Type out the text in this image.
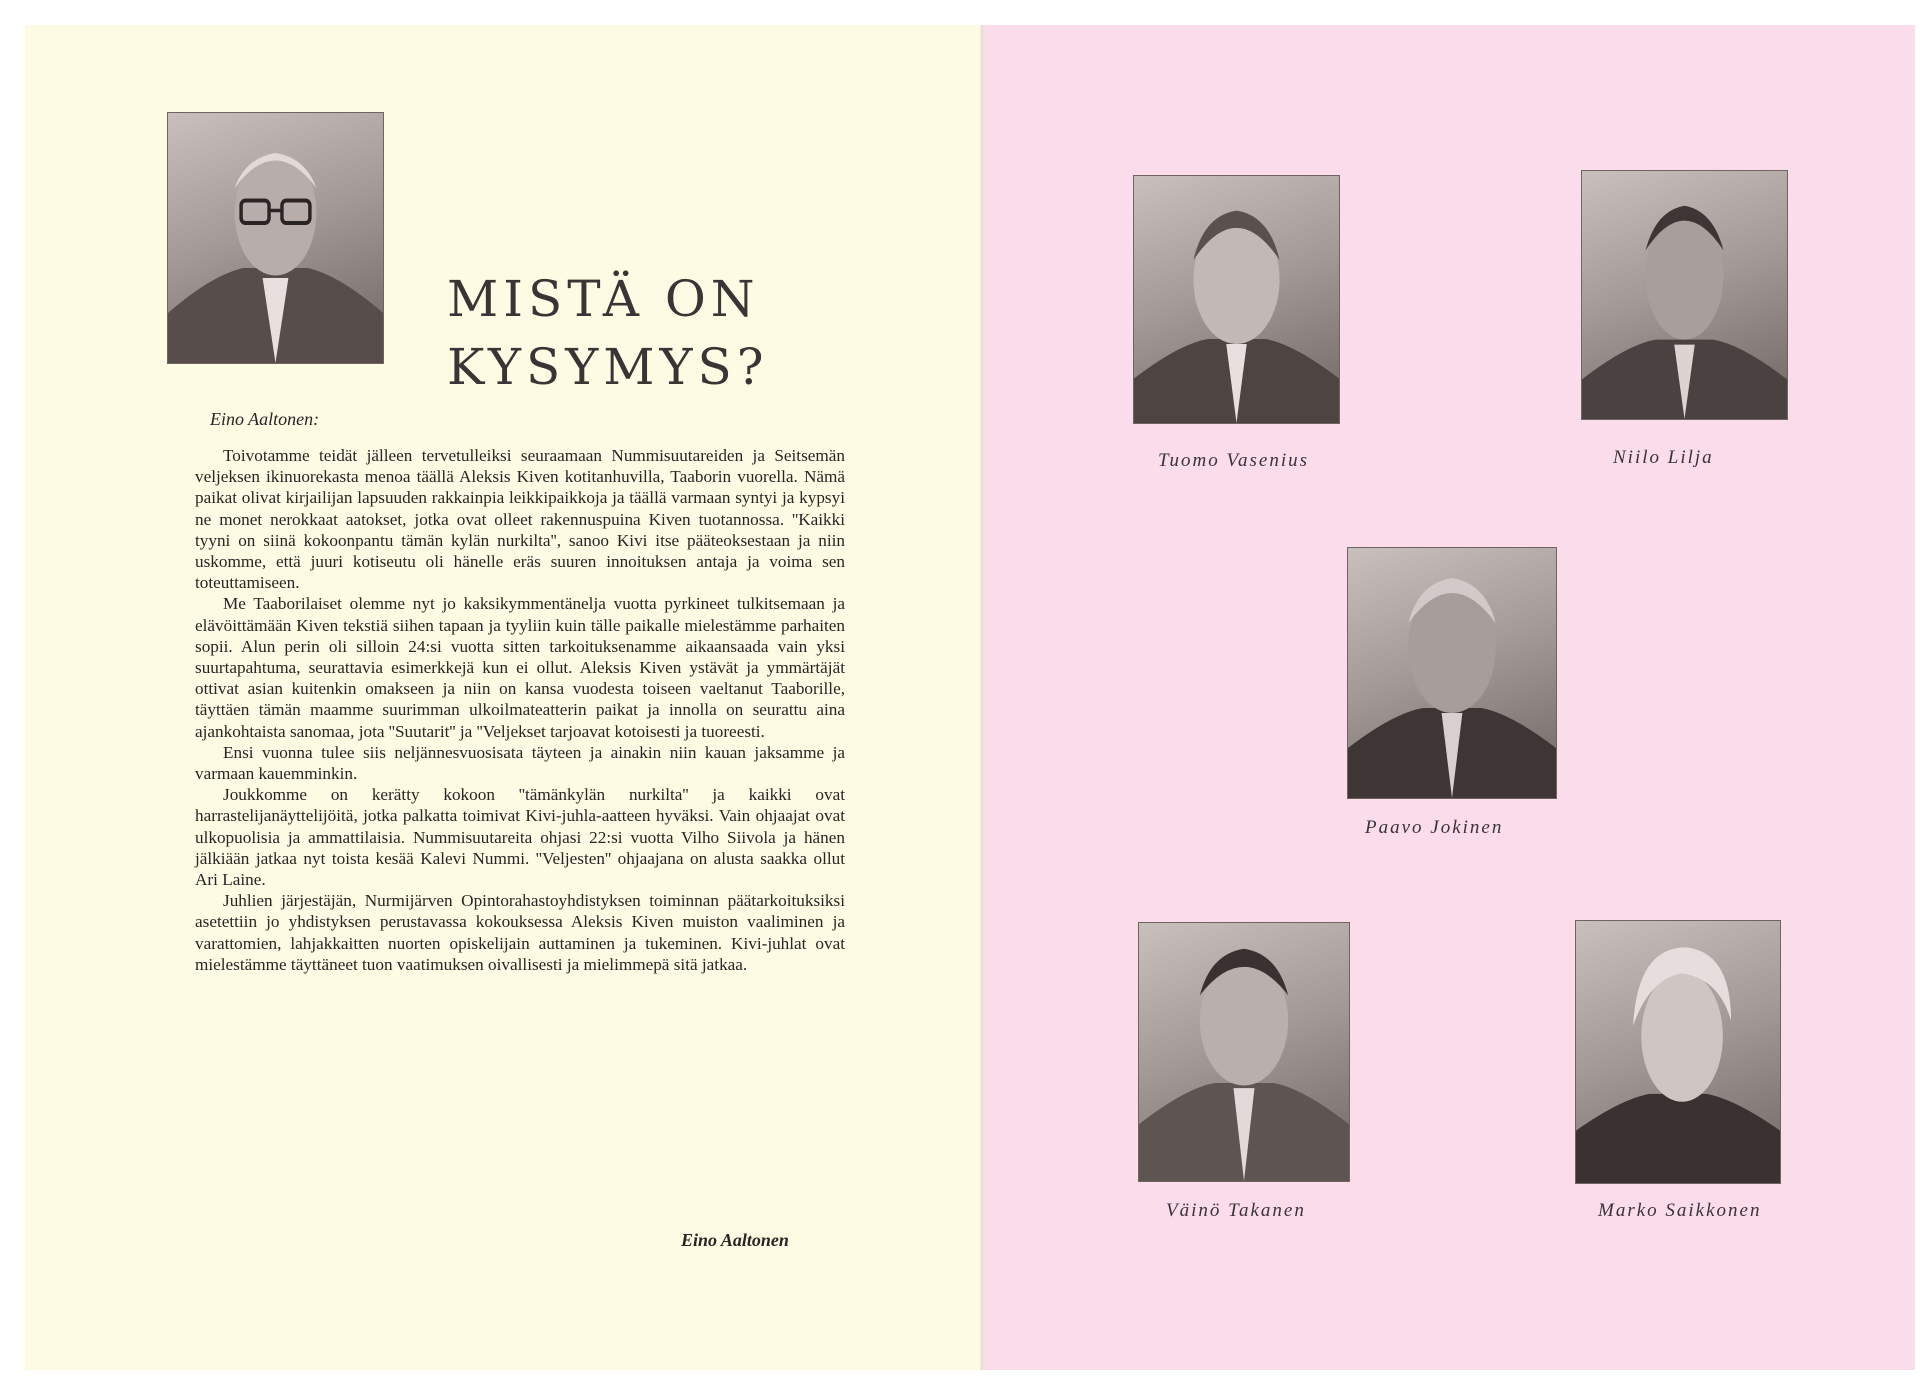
MISTÄ ON
KYSYMYS?
Eino Aaltonen:

Toivotamme teidät jälleen tervetulleiksi seuraamaan Nummisuutareiden ja Seitsemän veljeksen ikinuorekasta menoa täällä Aleksis Kiven kotitanhuvilla, Taaborin vuorella. Nämä paikat olivat kirjailijan lapsuuden rakkainpia leikkipaikkoja ja täällä varmaan syntyi ja kypsyi ne monet nerokkaat aatokset, jotka ovat olleet rakennuspuina Kiven tuotannossa. ''Kaikki tyyni on siinä kokoonpantu tämän kylän nurkilta'', sanoo Kivi itse pääteoksestaan ja niin uskomme, että juuri kotiseutu oli hänelle eräs suuren innoituksen antaja ja voima sen toteuttamiseen.

Me Taaborilaiset olemme nyt jo kaksikymmentänelja vuotta pyrkineet tulkitsemaan ja elävöittämään Kiven tekstiä siihen tapaan ja tyyliin kuin tälle paikalle mielestämme parhaiten sopii. Alun perin oli silloin 24:si vuotta sitten tarkoituksenamme aikaansaada vain yksi suurtapahtuma, seurattavia esimerkkejä kun ei ollut. Aleksis Kiven ystävät ja ymmärtäjät ottivat asian kuitenkin omakseen ja niin on kansa vuodesta toiseen vaeltanut Taaborille, täyttäen tämän maamme suurimman ulkoilmateatterin paikat ja innolla on seurattu aina ajankohtaista sanomaa, jota ''Suutarit'' ja ''Veljekset tarjoavat kotoisesti ja tuoreesti.

Ensi vuonna tulee siis neljännesvuosisata täyteen ja ainakin niin kauan jaksamme ja varmaan kauemminkin.

Joukkomme on kerätty kokoon ''tämänkylän nurkilta'' ja kaikki ovat harrastelijanäyttelijöitä, jotka palkatta toimivat Kivi-juhla-aatteen hyväksi. Vain ohjaajat ovat ulkopuolisia ja ammattilaisia. Nummisuutareita ohjasi 22:si vuotta Vilho Siivola ja hänen jälkiään jatkaa nyt toista kesää Kalevi Nummi. ''Veljesten'' ohjaajana on alusta saakka ollut Ari Laine.

Juhlien järjestäjän, Nurmijärven Opintorahastoyhdistyksen toiminnan päätarkoituksiksi asetettiin jo yhdistyksen perustavassa kokouksessa Aleksis Kiven muiston vaaliminen ja varattomien, lahjakkaitten nuorten opiskelijain auttaminen ja tukeminen. Kivi-juhlat ovat mielestämme täyttäneet tuon vaatimuksen oivallisesti ja mielimmepä sitä jatkaa.

Eino Aaltonen
Tuomo Vasenius	Niilo Lilja
Paavo Jokinen
Väinö Takanen	Marko Saikkonen
